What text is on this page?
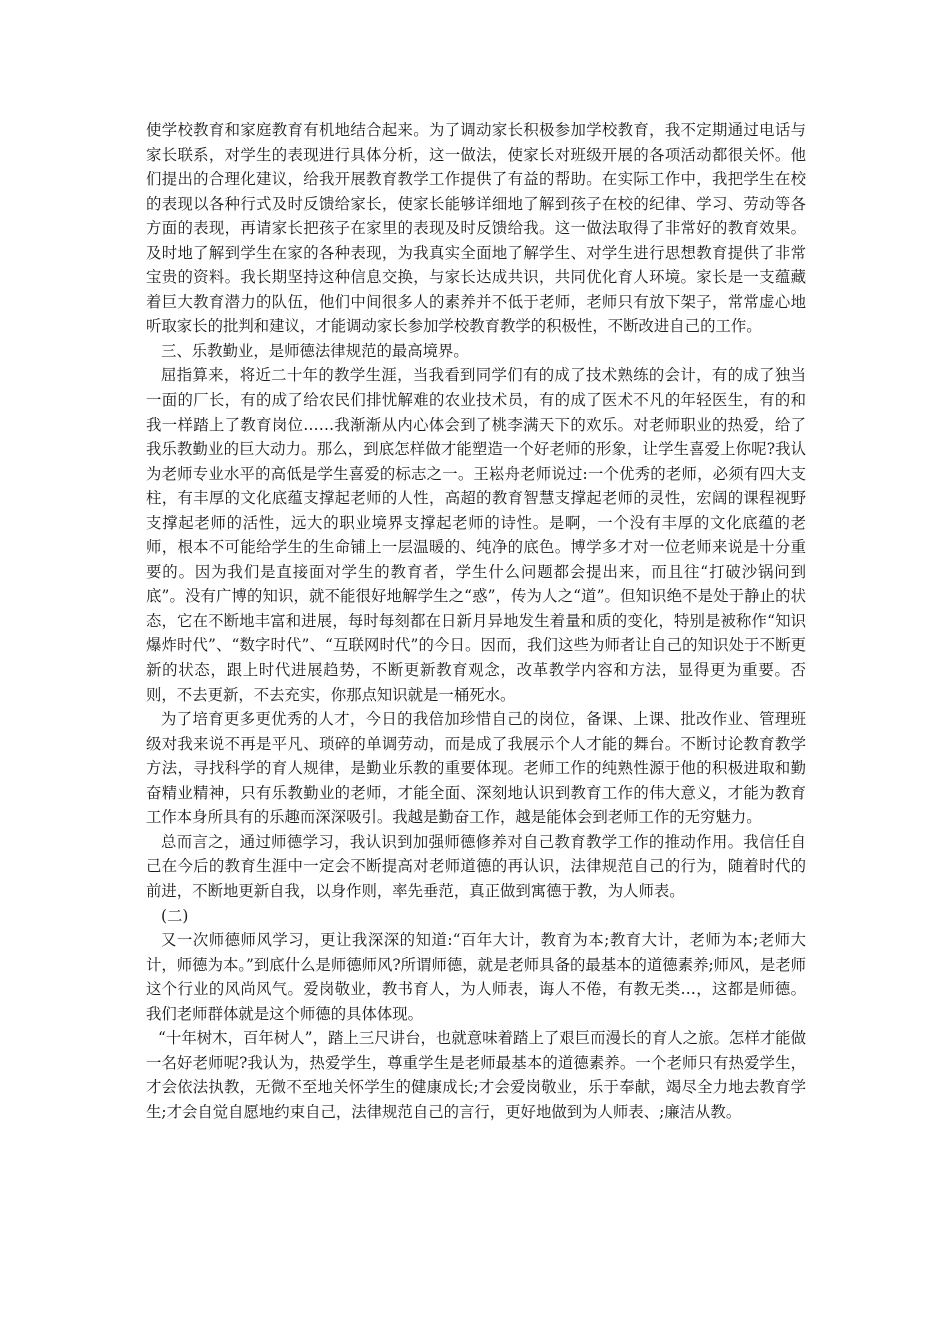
使学校教育和家庭教育有机地结合起来。为了调动家长积极参加学校教育，我不定期通过电话与家长联系，对学生的表现进行具体分析，这一做法，使家长对班级开展的各项活动都很关怀。他们提出的合理化建议，给我开展教育教学工作提供了有益的帮助。在实际工作中，我把学生在校的表现以各种行式及时反馈给家长，使家长能够详细地了解到孩子在校的纪律、学习、劳动等各方面的表现，再请家长把孩子在家里的表现及时反馈给我。这一做法取得了非常好的教育效果。及时地了解到学生在家的各种表现，为我真实全面地了解学生、对学生进行思想教育提供了非常宝贵的资料。我长期坚持这种信息交换，与家长达成共识，共同优化育人环境。家长是一支蕴藏着巨大教育潜力的队伍，他们中间很多人的素养并不低于老师，老师只有放下架子，常常虚心地听取家长的批判和建议，才能调动家长参加学校教育教学的积极性，不断改进自己的工作。

三、乐教勤业，是师德法律规范的最高境界。

屈指算来，将近二十年的教学生涯，当我看到同学们有的成了技术熟练的会计，有的成了独当一面的厂长，有的成了给农民们排忧解难的农业技术员，有的成了医术不凡的年轻医生，有的和我一样踏上了教育岗位……我渐渐从内心体会到了桃李满天下的欢乐。对老师职业的热爱，给了我乐教勤业的巨大动力。那么，到底怎样做才能塑造一个好老师的形象，让学生喜爱上你呢?我认为老师专业水平的高低是学生喜爱的标志之一。王崧舟老师说过:一个优秀的老师，必须有四大支柱，有丰厚的文化底蕴支撑起老师的人性，高超的教育智慧支撑起老师的灵性，宏阔的课程视野支撑起老师的活性，远大的职业境界支撑起老师的诗性。是啊，一个没有丰厚的文化底蕴的老师，根本不可能给学生的生命铺上一层温暖的、纯净的底色。博学多才对一位老师来说是十分重要的。因为我们是直接面对学生的教育者，学生什么问题都会提出来，而且往“打破沙锅问到底”。没有广博的知识，就不能很好地解学生之“惑”，传为人之“道”。但知识绝不是处于静止的状态，它在不断地丰富和进展，每时每刻都在日新月异地发生着量和质的变化，特别是被称作“知识爆炸时代”、“数字时代”、“互联网时代”的今日。因而，我们这些为师者让自己的知识处于不断更新的状态，跟上时代进展趋势，不断更新教育观念，改革教学内容和方法，显得更为重要。否则，不去更新，不去充实，你那点知识就是一桶死水。

为了培育更多更优秀的人才，今日的我倍加珍惜自己的岗位，备课、上课、批改作业、管理班级对我来说不再是平凡、琐碎的单调劳动，而是成了我展示个人才能的舞台。不断讨论教育教学方法，寻找科学的育人规律，是勤业乐教的重要体现。老师工作的纯熟性源于他的积极进取和勤奋精业精神，只有乐教勤业的老师，才能全面、深刻地认识到教育工作的伟大意义，才能为教育工作本身所具有的乐趣而深深吸引。我越是勤奋工作，越是能体会到老师工作的无穷魅力。

总而言之，通过师德学习，我认识到加强师德修养对自己教育教学工作的推动作用。我信任自己在今后的教育生涯中一定会不断提高对老师道德的再认识，法律规范自己的行为，随着时代的前进，不断地更新自我，以身作则，率先垂范，真正做到寓德于教，为人师表。

(二)

又一次师德师风学习，更让我深深的知道:“百年大计，教育为本;教育大计，老师为本;老师大计，师德为本。”到底什么是师德师风?所谓师德，就是老师具备的最基本的道德素养;师风，是老师这个行业的风尚风气。爱岗敬业，教书育人，为人师表，诲人不倦，有教无类…，这都是师德。我们老师群体就是这个师德的具体体现。

“十年树木，百年树人”，踏上三尺讲台，也就意味着踏上了艰巨而漫长的育人之旅。怎样才能做一名好老师呢?我认为，热爱学生，尊重学生是老师最基本的道德素养。一个老师只有热爱学生，才会依法执教，无微不至地关怀学生的健康成长;才会爱岗敬业，乐于奉献，竭尽全力地去教育学生;才会自觉自愿地约束自己，法律规范自己的言行，更好地做到为人师表、;廉洁从教。
